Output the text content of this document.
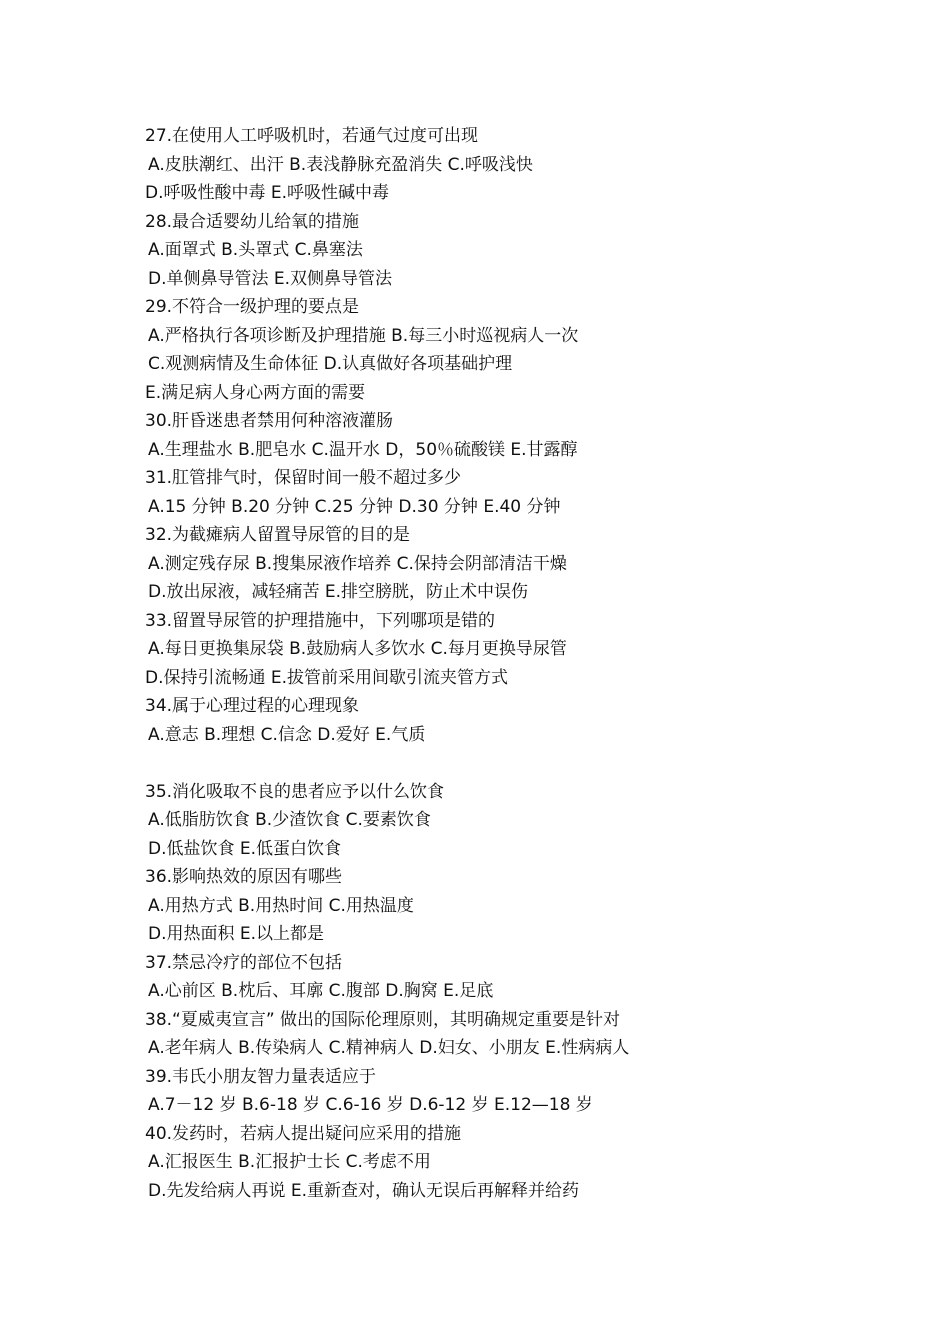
27.在使用人工呼吸机时，若通气过度可出现
A.皮肤潮红、出汗 B.表浅静脉充盈消失 C.呼吸浅快
D.呼吸性酸中毒 E.呼吸性碱中毒
28.最合适婴幼儿给氧的措施
A.面罩式 B.头罩式 C.鼻塞法
D.单侧鼻导管法 E.双侧鼻导管法
29.不符合一级护理的要点是
A.严格执行各项诊断及护理措施 B.每三小时巡视病人一次
C.观测病情及生命体征 D.认真做好各项基础护理
E.满足病人身心两方面的需要
30.肝昏迷患者禁用何种溶液灌肠
A.生理盐水 B.肥皂水 C.温开水 D，50％硫酸镁 E.甘露醇
31.肛管排气时，保留时间一般不超过多少
A.15 分钟 B.20 分钟 C.25 分钟 D.30 分钟 E.40 分钟
32.为截瘫病人留置导尿管的目的是
A.测定残存尿 B.搜集尿液作培养 C.保持会阴部清洁干燥
D.放出尿液，减轻痛苦 E.排空膀胱，防止术中误伤
33.留置导尿管的护理措施中，下列哪项是错的
A.每日更换集尿袋 B.鼓励病人多饮水 C.每月更换导尿管
D.保持引流畅通 E.拔管前采用间歇引流夹管方式
34.属于心理过程的心理现象
A.意志 B.理想 C.信念 D.爱好 E.气质
35.消化吸取不良的患者应予以什么饮食
A.低脂肪饮食 B.少渣饮食 C.要素饮食
D.低盐饮食 E.低蛋白饮食
36.影响热效的原因有哪些
A.用热方式 B.用热时间 C.用热温度
D.用热面积 E.以上都是
37.禁忌冷疗的部位不包括
A.心前区 B.枕后、耳廓 C.腹部 D.胸窝 E.足底
38.“夏威夷宣言” 做出的国际伦理原则，其明确规定重要是针对
A.老年病人 B.传染病人 C.精神病人 D.妇女、小朋友 E.性病病人
39.韦氏小朋友智力量表适应于
A.7－12 岁 B.6-18 岁 C.6-16 岁 D.6-12 岁 E.12—18 岁
40.发药时，若病人提出疑问应采用的措施
A.汇报医生 B.汇报护士长 C.考虑不用
D.先发给病人再说 E.重新查对，确认无误后再解释并给药
